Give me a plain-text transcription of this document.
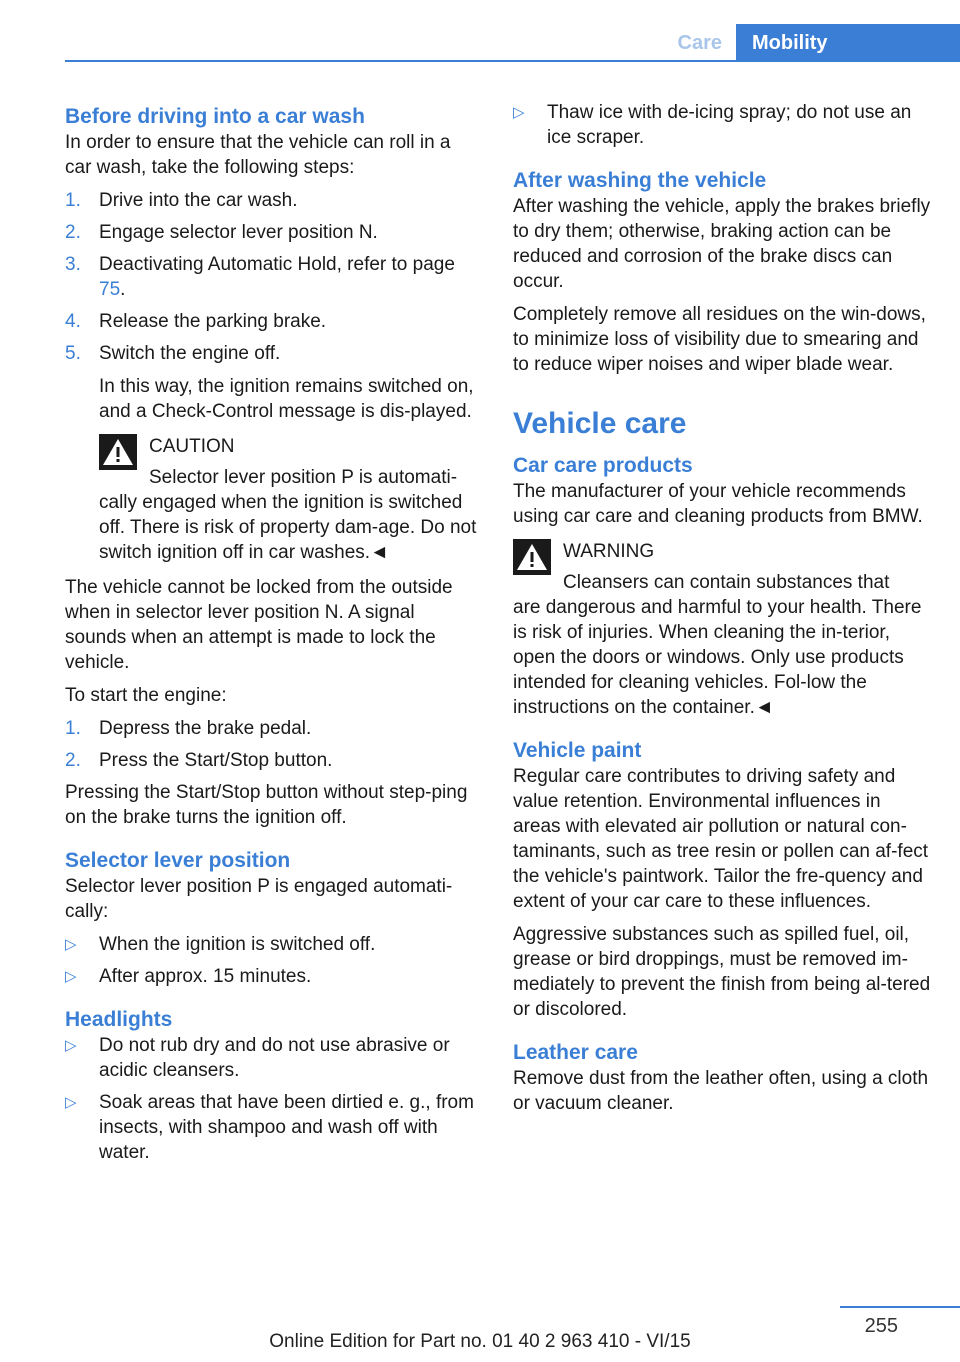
Care	Mobility
Before driving into a car wash

In order to ensure that the vehicle can roll in a car wash, take the following steps:

1. Drive into the car wash.
2. Engage selector lever position N.
3. Deactivating Automatic Hold, refer to page 75.
4. Release the parking brake.
5. Switch the engine off.

In this way, the ignition remains switched on, and a Check-Control message is dis‐played.

CAUTION
Selector lever position P is automati‐
cally engaged when the ignition is switched off. There is risk of property dam‐age. Do not switch ignition off in car washes.◄

The vehicle cannot be locked from the outside when in selector lever position N. A signal sounds when an attempt is made to lock the vehicle.

To start the engine:

1. Depress the brake pedal.
2. Press the Start/Stop button.

Pressing the Start/Stop button without step‐ping on the brake turns the ignition off.

Selector lever position

Selector lever position P is engaged automati‐cally:

▷ When the ignition is switched off.
▷ After approx. 15 minutes.
Headlights
▷ Do not rub dry and do not use abrasive or acidic cleansers.
▷ Soak areas that have been dirtied e. g., from insects, with shampoo and wash off with water.
▷ Thaw ice with de-icing spray; do not use an ice scraper.
After washing the vehicle

After washing the vehicle, apply the brakes briefly to dry them; otherwise, braking action can be reduced and corrosion of the brake discs can occur.

Completely remove all residues on the win‐dows, to minimize loss of visibility due to smearing and to reduce wiper noises and wiper blade wear.

Vehicle care
Car care products

The manufacturer of your vehicle recommends using car care and cleaning products from BMW.

WARNING
Cleansers can contain substances that
are dangerous and harmful to your health. There is risk of injuries. When cleaning the in‐terior, open the doors or windows. Only use products intended for cleaning vehicles. Fol‐low the instructions on the container.◄
Vehicle paint

Regular care contributes to driving safety and value retention. Environmental influences in areas with elevated air pollution or natural con‐taminants, such as tree resin or pollen can af‐fect the vehicle's paintwork. Tailor the fre‐quency and extent of your car care to these influences.

Aggressive substances such as spilled fuel, oil, grease or bird droppings, must be removed im‐mediately to prevent the finish from being al‐tered or discolored.

Leather care

Remove dust from the leather often, using a cloth or vacuum cleaner.

255
Online Edition for Part no. 01 40 2 963 410 - VI/15
